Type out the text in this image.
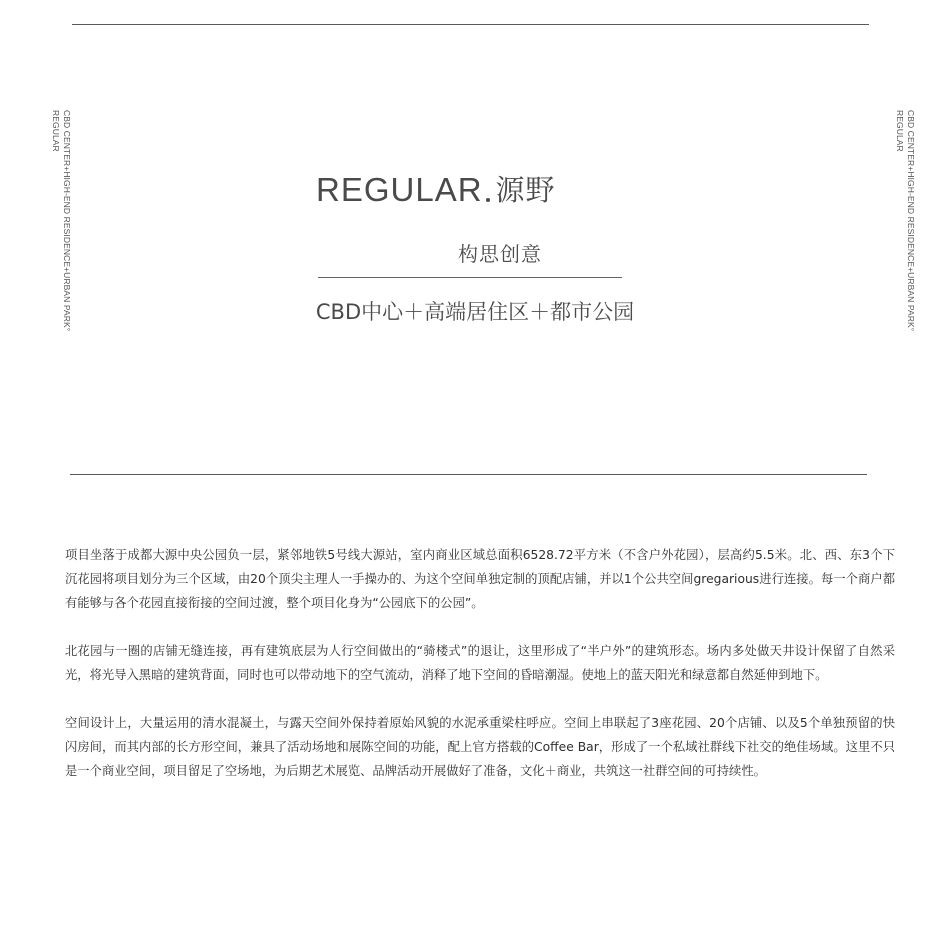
CBD CENTER+HIGH-END RESIDENCE+URBAN PARK°
REGULAR	CBD CENTER+HIGH-END RESIDENCE+URBAN PARK°
REGULAR
REGULAR 源野
构思创意
CBD中心＋高端居住区＋都市公园

项目坐落于成都大源中央公园负一层，紧邻地铁5号线大源站，室内商业区域总面积6528.72平方米（不含户外花园），层高约5.5米。北、西、东3个下沉花园将项目划分为三个区域，由20个顶尖主理人一手操办的、为这个空间单独定制的顶配店铺，并以1个公共空间gregarious进行连接。每一个商户都有能够与各个花园直接衔接的空间过渡，整个项目化身为“公园底下的公园”。

北花园与一圈的店铺无缝连接，再有建筑底层为人行空间做出的“骑楼式”的退让，这里形成了“半户外”的建筑形态。场内多处做天井设计保留了自然采光，将光导入黑暗的建筑背面，同时也可以带动地下的空气流动，消释了地下空间的昏暗潮湿。使地上的蓝天阳光和绿意都自然延伸到地下。

空间设计上，大量运用的清水混凝土，与露天空间外保持着原始风貌的水泥承重梁柱呼应。空间上串联起了3座花园、20个店铺、以及5个单独预留的快闪房间，而其内部的长方形空间，兼具了活动场地和展陈空间的功能，配上官方搭载的Coffee Bar，形成了一个私域社群线下社交的绝佳场域。这里不只是一个商业空间，项目留足了空场地，为后期艺术展览、品牌活动开展做好了准备，文化＋商业，共筑这一社群空间的可持续性。
